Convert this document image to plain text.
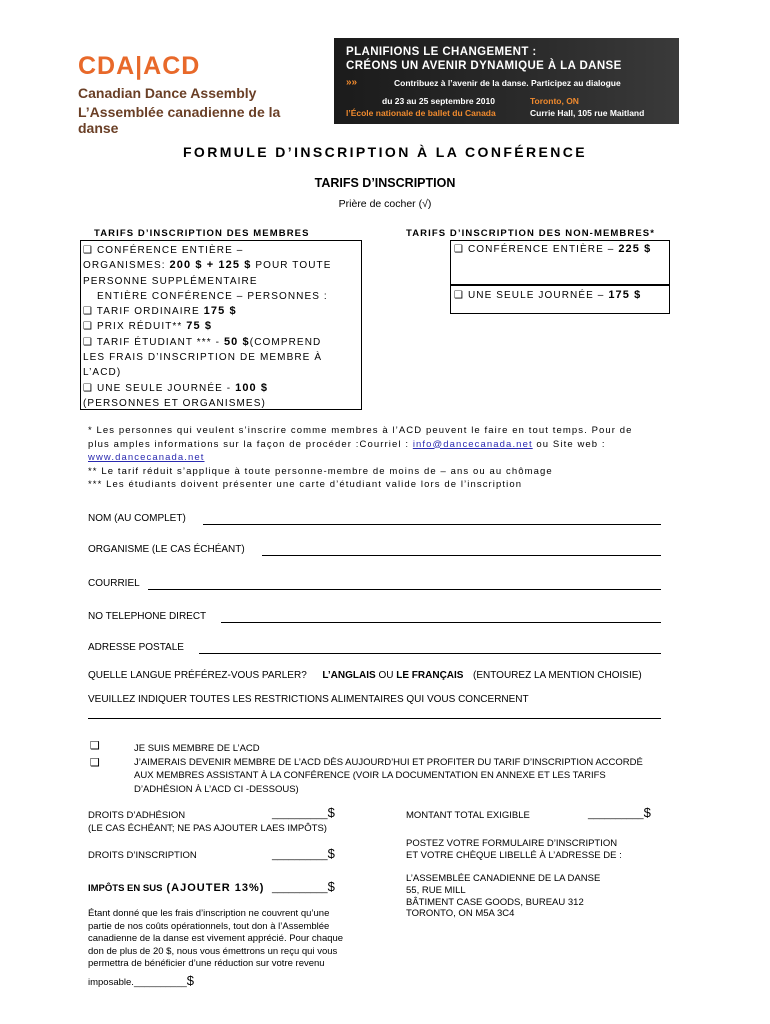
CDA|ACD
Canadian Dance Assembly
L’Assemblée canadienne de la danse
PLANIFIONS LE CHANGEMENT :
CRÉONS UN AVENIR DYNAMIQUE À LA DANSE
»»	Contribuez à l’avenir de la danse. Participez au dialogue
du 23 au 25 septembre 2010	Toronto, ON
l’École nationale de ballet du Canada	Currie Hall, 105 rue Maitland
FORMULE D’INSCRIPTION À LA CONFÉRENCE
TARIFS D’INSCRIPTION
Prière de cocher (√)
TARIFS D’INSCRIPTION DES MEMBRES
❑ CONFÉRENCE ENTIÈRE –
ORGANISMES: 200 $ + 125 $ POUR TOUTE
PERSONNE SUPPLÉMENTAIRE
ENTIÈRE CONFÉRENCE – PERSONNES :
❑ TARIF ORDINAIRE 175 $
❑ PRIX RÉDUIT** 75 $
❑ TARIF ÉTUDIANT *** - 50 $(COMPREND
LES FRAIS D’INSCRIPTION DE MEMBRE À
L’ACD)
❑ UNE SEULE JOURNÉE - 100 $
(PERSONNES ET ORGANISMES)
TARIFS D’INSCRIPTION DES NON-MEMBRES*
❑ CONFÉRENCE ENTIÈRE – 225 $
❑ UNE SEULE JOURNÉE – 175 $
* Les personnes qui veulent s’inscrire comme membres à l’ACD peuvent le faire en tout temps. Pour de
plus amples informations sur la façon de procéder :Courriel : info@dancecanada.net ou Site web :
www.dancecanada.net
** Le tarif réduit s’applique à toute personne-membre de moins de – ans ou au chômage
*** Les étudiants doivent présenter une carte d’étudiant valide lors de l’inscription
NOM (AU COMPLET)
ORGANISME (LE CAS ÉCHÉANT)
COURRIEL
NO TELEPHONE DIRECT
ADRESSE POSTALE
QUELLE LANGUE PRÉFÉREZ-VOUS PARLER? L’ANGLAIS OU LE FRANÇAIS (ENTOUREZ LA MENTION CHOISIE)
VEUILLEZ INDIQUER TOUTES LES RESTRICTIONS ALIMENTAIRES QUI VOUS CONCERNENT
❑
❑
JE SUIS MEMBRE DE L’ACD
J’AIMERAIS DEVENIR MEMBRE DE L’ACD DÈS AUJOURD’HUI ET PROFITER DU TARIF D’INSCRIPTION ACCORDÉ
AUX MEMBRES ASSISTANT À LA CONFÉRENCE (VOIR LA DOCUMENTATION EN ANNEXE ET LES TARIFS
D’ADHÉSION À L’ACD CI -DESSOUS)
DROITS D’ADHÉSION	__________$
(LE CAS ÉCHÉANT; NE PAS AJOUTER LAES IMPÔTS)
DROITS D’INSCRIPTION	__________$
IMPÔTS EN SUS (AJOUTER 13%) __________$
Étant donné que les frais d’inscription ne couvrent qu’une
partie de nos coûts opérationnels, tout don à l’Assemblée
canadienne de la danse est vivement apprécié. Pour chaque
don de plus de 20 $, nous vous émettrons un reçu qui vous
permettra de bénéficier d’une réduction sur votre revenu
imposable.__________$
MONTANT TOTAL EXIGIBLE	__________$
POSTEZ VOTRE FORMULAIRE D’INSCRIPTION
ET VOTRE CHÈQUE LIBELLÉ À L’ADRESSE DE :
L’ASSEMBLÉE CANADIENNE DE LA DANSE
55, RUE MILL
BÂTIMENT CASE GOODS, BUREAU 312
TORONTO, ON M5A 3C4
